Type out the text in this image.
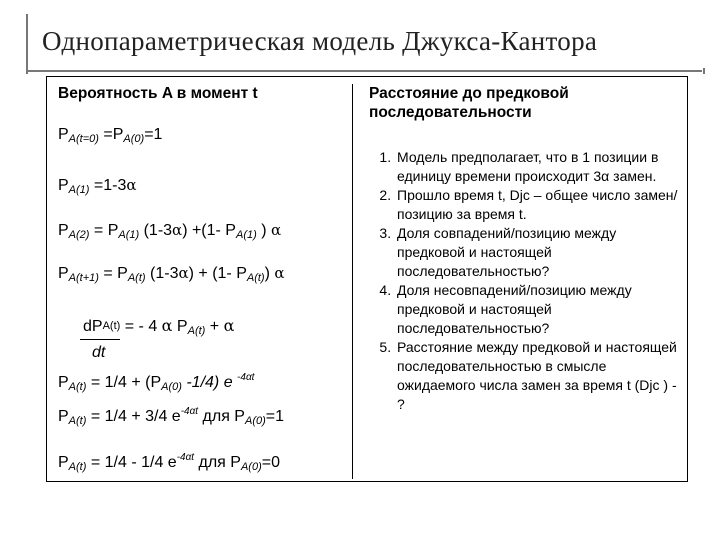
Однопараметрическая модель Джукса-Кантора
Вероятность A в момент t
PA(t=0) =PA(0)=1
PA(1) =1-3α
PA(2) = PA(1) (1-3α) +(1- PA(1) ) α
PA(t+1) = PA(t) (1-3α) + (1- PA(t)) α
dPA(t) = - 4 α PA(t) + α
dt
PA(t) = 1/4 + (PA(0) -1/4) e $^{-4\alpha t}$
PA(t) = 1/4 + 3/4 $e^{-4\alpha t}$ для PA(0)=1
PA(t) = 1/4 - 1/4 $e^{-4\alpha t}$ для PA(0)=0
Расстояние до предковой последовательности
1. Модель предполагает, что в 1 позиции в единицу времени происходит 3α замен.
2. Прошло время t, Djc – общее число замен/позицию за время t.
3. Доля совпадений/позицию между предковой и настоящей последовательностью?
4. Доля несовпадений/позицию между предковой и настоящей последовательностью?
5. Расстояние между предковой и настоящей последовательностью в смысле ожидаемого числа замен за время t (Djc ) - ?
